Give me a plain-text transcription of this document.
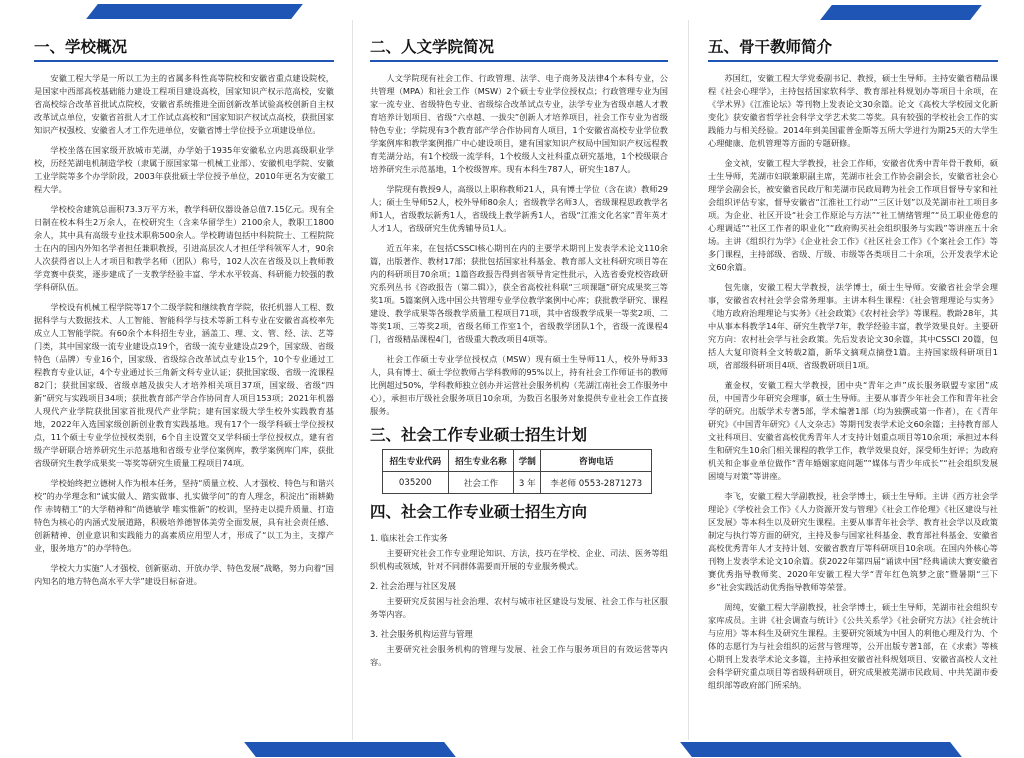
一、学校概况

安徽工程大学是一所以工为主的省属多科性高等院校和安徽省重点建设院校，是国家中西部高校基础能力建设工程项目建设高校，国家知识产权示范高校，安徽省高校综合改革首批试点院校，安徽省系统推进全面创新改革试验高校创新自主权改革试点单位，安徽省首批人才工作试点高校和“国家知识产权试点高校，获批国家知识产权强校、安徽省人才工作先进单位，安徽省博士学位授予立项建设单位。

学校坐落在国家级开放城市芜湖，办学始于1935年安徽私立内思高级职业学校，历经芜湖电机制造学校（隶属于原国家第一机械工业部）、安徽机电学院、安徽工业学院等多个办学阶段，2003年获批硕士学位授予单位，2010年更名为安徽工程大学。

学校校舍建筑总面积73.3万平方米，教学科研仪器设备总值7.15亿元。现有全日制在校本科生2万余人，在校研究生（含来华留学生）2100余人，教职工1800余人，其中具有高级专业技术职称500余人。学校聘请包括中科院院士、工程院院士在内的国内外知名学者担任兼职教授，引进高层次人才担任学科领军人才，90余人次获得省以上人才项目和教学名师（团队）称号，102人次在省级及以上教师教学竞赛中获奖，逐步建成了一支教学经验丰富、学术水平较高、科研能力较强的教学科研队伍。

学校设有机械工程学院等17个二级学院和继续教育学院，依托机器人工程、数据科学与大数据技术、人工智能、智能科学与技术等新工科专业在安徽省高校率先成立人工智能学院。有60余个本科招生专业，涵盖工、理、文、管、经、法、艺等门类，其中国家级一流专业建设点19个，省级一流专业建设点29个，国家级、省级特色（品牌）专业16个，国家级、省级综合改革试点专业15个，10个专业通过工程教育专业认证，4个专业通过长三角新文科专业认证；获批国家级、省级一流课程82门；获批国家级、省级卓越及拔尖人才培养相关项目37项，国家级、省级“四新”研究与实践项目34项；获批教育部产学合作协同育人项目153项；2021年机器人现代产业学院获批国家首批现代产业学院；建有国家级大学生校外实践教育基地，2022年入选国家级创新创业教育实践基地。现有17个一级学科硕士学位授权点，11个硕士专业学位授权类别，6个自主设置交叉学科硕士学位授权点，建有省级产学研联合培养研究生示范基地和省级专业学位案例库，教学案例库门库，获批省级研究生教学成果奖一等奖等研究生质量工程项目74项。

学校始终把立德树人作为根本任务，坚持“质量立校、人才强校、特色与和谐兴校”的办学理念和“诚实做人、踏实做事、扎实做学问”的育人理念，积淀出“雨耕勤作 赤铸精工”的大学精神和“尚德敏学 唯实惟新”的校训，坚持走以提升质量、打造特色为核心的内涵式发展道路，积极培养德智体美劳全面发展，具有社会责任感、创新精神、创业意识和实践能力的高素质应用型人才，形成了“以工为主，支撑产业，服务地方”的办学特色。

学校大力实施“人才强校、创新驱动、开放办学、特色发展”战略，努力向着“国内知名的地方特色高水平大学”建设目标奋进。

二、人文学院简况

人文学院现有社会工作、行政管理、法学、电子商务及法律4个本科专业，公共管理（MPA）和社会工作（MSW）2个硕士专业学位授权点；行政管理专业为国家一流专业、省级特色专业、省级综合改革试点专业，法学专业为省级卓越人才教育培养计划项目、省级“六卓越、一拔尖”创新人才培养项目，社会工作专业为省级特色专业；学院现有3个教育部产学合作协同育人项目，1个安徽省高校专业学位教学案例库和教学案例推广中心建设项目，建有国家知识产权局中国知识产权远程教育芜湖分站，有1个校级一流学科，1个校级人文社科重点研究基地，1个校级联合培养研究生示范基地，1个校级智库。现有本科生787人，研究生187人。

学院现有教授9人，高级以上职称教师21人，具有博士学位（含在读）教师29人；硕士生导师52人，校外导师80余人；省级教学名师3人，省级课程思政教学名师1人，省级教坛新秀1人，省级线上教学新秀1人，省级“江淮文化名家”青年英才人才1人，省级研究生优秀辅导员1人。

近五年来，在包括CSSCI核心期刊在内的主要学术期刊上发表学术论文110余篇，出版著作、教材17部；获批包括国家社科基金、教育部人文社科研究项目等在内的科研项目70余项；1篇咨政报告得到省领导肯定性批示，入选省委党校咨政研究系列丛书《咨政报告（第二辑）》，获全省高校社科联“三项课题”研究成果奖三等奖1项。5篇案例入选中国公共管理专业学位教学案例中心库；获批教学研究、课程建设、教学成果等各级教学质量工程项目71项，其中省级教学成果一等奖2项、二等奖1项、三等奖2项，省级名师工作室1个，省级教学团队1个，省级一流课程4门，省级精品课程4门，省级重大教改项目4项等。

社会工作硕士专业学位授权点（MSW）现有硕士生导师11人，校外导师33人，具有博士、硕士学位教师占学科教师的95%以上，持有社会工作师证书的教师比例超过50%，学科教师独立创办并运营社会服务机构（芜湖江南社会工作服务中心），承担市厅级社会服务项目10余项，为数百名服务对象提供专业社会工作直接服务。

三、社会工作专业硕士招生计划
招生专业代码	招生专业名称	学制	咨询电话
035200	社会工作	3 年	李老师 0553-2871273
四、社会工作专业硕士招生方向
1. 临床社会工作实务

主要研究社会工作专业理论知识、方法，技巧在学校、企业、司法、医务等组织机构或领域，针对不同群体需要而开展的专业服务模式。

2. 社会治理与社区发展

主要研究反贫困与社会治理、农村与城市社区建设与发展、社会工作与社区服务等内容。

3. 社会服务机构运营与管理

主要研究社会服务机构的管理与发展、社会工作与服务项目的有效运营等内容。

五、骨干教师简介

苏国红，安徽工程大学党委副书记、教授，硕士生导师。主持安徽省精品课程《社会心理学》，主持包括国家软科学、教育部社科规划办等项目十余项，在《学术界》《江淮论坛》等刊物上发表论文30余篇。论文《高校大学校园文化新变化》获安徽省哲学社会科学文学艺术奖二等奖。具有较强的学校社会工作的实践能力与相关经验。2014年到美国霍普金斯等五所大学进行为期25天的大学生心理健康、危机管理等方面的专题研修。

金文祯，安徽工程大学教授，社会工作师，安徽省优秀中青年骨干教师，硕士生导师，芜湖市妇联兼职副主席，芜湖市社会工作协会副会长，安徽省社会心理学会副会长，被安徽省民政厅和芜湖市民政局聘为社会工作项目督导专家和社会组织评估专家，督导安徽省“江淮社工行动”“三区计划”以及芜湖市社工项目多项。为企业、社区开设“社会工作原论与方法”“社工情绪管理”“员工职业倦怠的心理调适”“社区工作者的职业化”“政府购买社会组织服务与实践”等讲座五十余场。主讲《组织行为学》《企业社会工作》《社区社会工作》《个案社会工作》等多门课程，主持部级、省级、厅级、市级等各类项目二十余项，公开发表学术论文60余篇。

包先康，安徽工程大学教授，法学博士，硕士生导师。安徽省社会学会理事，安徽省农村社会学会常务理事。主讲本科生课程：《社会管理理论与实务》《地方政府治理理论与实务》《社会政策》《农村社会学》等课程。教龄28年，其中从事本科教学14年、研究生教学7年，教学经验丰富，教学效果良好。主要研究方向：农村社会学与社会政策。先后发表论文30余篇，其中CSSCI 20篇，包括人大复印资料全文转载2篇，新华文摘观点摘登1篇。主持国家级科研项目1项，省部级科研项目4项、省级教研项目1项。

董金权，安徽工程大学教授，团中央“青年之声”成长服务联盟专家团”成员，中国青少年研究会理事，硕士生导师。主要从事青少年社会工作和青年社会学的研究。出版学术专著5部，学术编著1部（均为独撰或第一作者），在《青年研究》《中国青年研究》《人文杂志》等期刊发表学术论文60余篇；主持教育部人文社科项目、安徽省高校优秀青年人才支持计划重点项目等10余项；承担过本科生和研究生10余门相关课程的教学工作，教学效果良好，深受师生好评；为政府机关和企事业单位做作“青年婚姻家庭问题”“媒体与青少年成长”“社会组织发展困境与对策”等讲座。

李飞，安徽工程大学副教授，社会学博士，硕士生导师。主讲《西方社会学理论》《学校社会工作》《人力资源开发与管理》《社会工作伦理》《社区建设与社区发展》等本科生以及研究生课程。主要从事青年社会学、教育社会学以及政策制定与执行等方面的研究，主持及参与国家社科基金、教育部社科基金、安徽省高校优秀青年人才支持计划、安徽省教育厅等科研项目10余项。在国内外核心等刊物上发表学术论文10余篇。获2022年第四届“诵读中国”经典诵读大赛安徽省赛优秀指导教师奖、2020年安徽工程大学“青年红色筑梦之旅”暨暑期“三下乡”社会实践活动优秀指导教师等荣誉。

周纯，安徽工程大学副教授，社会学博士，硕士生导师，芜湖市社会组织专家库成员。主讲《社会调查与统计》《公共关系学》《社会研究方法》《社会统计与应用》等本科生及研究生课程。主要研究领域为中国人的利他心理及行为、个体的志愿行为与社会组织的运营与管理等，公开出版专著1部，在《求索》等核心期刊上发表学术论文多篇，主持承担安徽省社科规划项目、安徽省高校人文社会科学研究重点项目等省级科研项目，研究成果被芜湖市民政局、中共芜湖市委组织部等政府部门所采纳。
